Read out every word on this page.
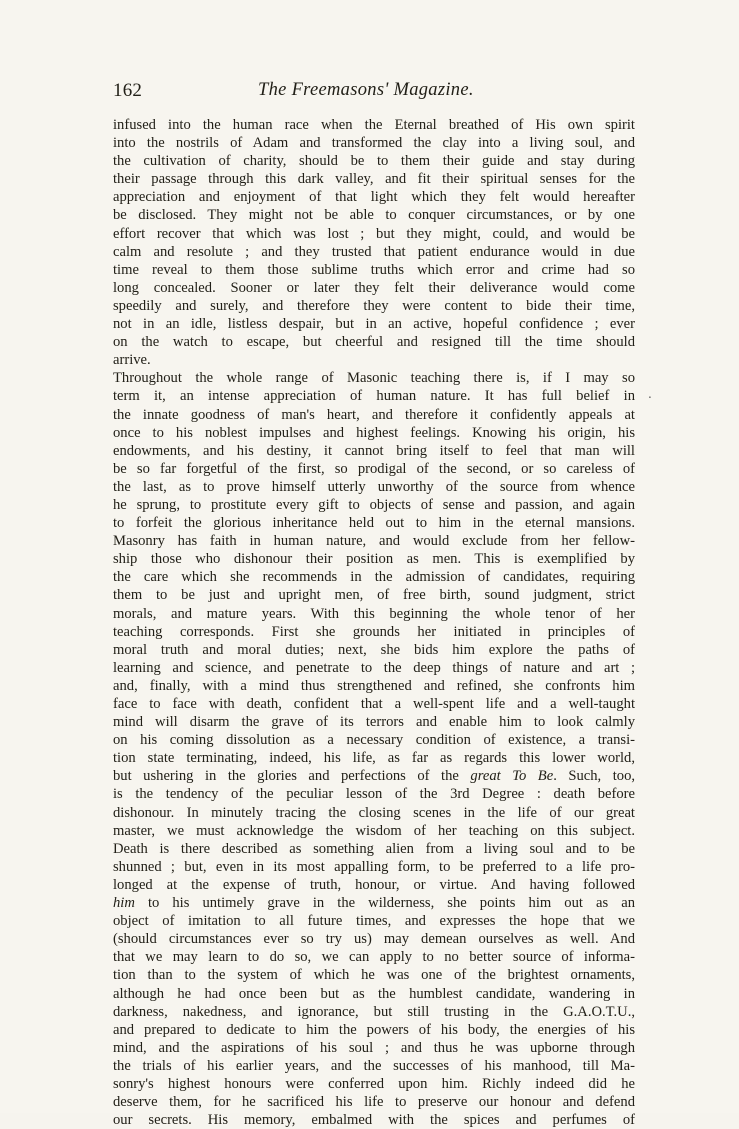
162	The Freemasons' Magazine.
infused into the human race when the Eternal breathed of His own spirit
into the nostrils of Adam and transformed the clay into a living soul, and
the cultivation of charity, should be to them their guide and stay during
their passage through this dark valley, and fit their spiritual senses for the
appreciation and enjoyment of that light which they felt would hereafter
be disclosed. They might not be able to conquer circumstances, or by one
effort recover that which was lost ; but they might, could, and would be
calm and resolute ; and they trusted that patient endurance would in due
time reveal to them those sublime truths which error and crime had so
long concealed. Sooner or later they felt their deliverance would come
speedily and surely, and therefore they were content to bide their time,
not in an idle, listless despair, but in an active, hopeful confidence ; ever
on the watch to escape, but cheerful and resigned till the time should
arrive.
Throughout the whole range of Masonic teaching there is, if I may so
term it, an intense appreciation of human nature. It has full belief in
the innate goodness of man's heart, and therefore it confidently appeals at
once to his noblest impulses and highest feelings. Knowing his origin, his
endowments, and his destiny, it cannot bring itself to feel that man will
be so far forgetful of the first, so prodigal of the second, or so careless of
the last, as to prove himself utterly unworthy of the source from whence
he sprung, to prostitute every gift to objects of sense and passion, and again
to forfeit the glorious inheritance held out to him in the eternal mansions.
Masonry has faith in human nature, and would exclude from her fellow-
ship those who dishonour their position as men. This is exemplified by
the care which she recommends in the admission of candidates, requiring
them to be just and upright men, of free birth, sound judgment, strict
morals, and mature years. With this beginning the whole tenor of her
teaching corresponds. First she grounds her initiated in principles of
moral truth and moral duties; next, she bids him explore the paths of
learning and science, and penetrate to the deep things of nature and art ;
and, finally, with a mind thus strengthened and refined, she confronts him
face to face with death, confident that a well-spent life and a well-taught
mind will disarm the grave of its terrors and enable him to look calmly
on his coming dissolution as a necessary condition of existence, a transi-
tion state terminating, indeed, his life, as far as regards this lower world,
but ushering in the glories and perfections of the great To Be. Such, too,
is the tendency of the peculiar lesson of the 3rd Degree : death before
dishonour. In minutely tracing the closing scenes in the life of our great
master, we must acknowledge the wisdom of her teaching on this subject.
Death is there described as something alien from a living soul and to be
shunned ; but, even in its most appalling form, to be preferred to a life pro-
longed at the expense of truth, honour, or virtue. And having followed
him to his untimely grave in the wilderness, she points him out as an
object of imitation to all future times, and expresses the hope that we
(should circumstances ever so try us) may demean ourselves as well. And
that we may learn to do so, we can apply to no better source of informa-
tion than to the system of which he was one of the brightest ornaments,
although he had once been but as the humblest candidate, wandering in
darkness, nakedness, and ignorance, but still trusting in the G.A.O.T.U.,
and prepared to dedicate to him the powers of his body, the energies of his
mind, and the aspirations of his soul ; and thus he was upborne through
the trials of his earlier years, and the successes of his manhood, till Ma-
sonry's highest honours were conferred upon him. Richly indeed did he
deserve them, for he sacrificed his life to preserve our honour and defend
our secrets. His memory, embalmed with the spices and perfumes of
.
